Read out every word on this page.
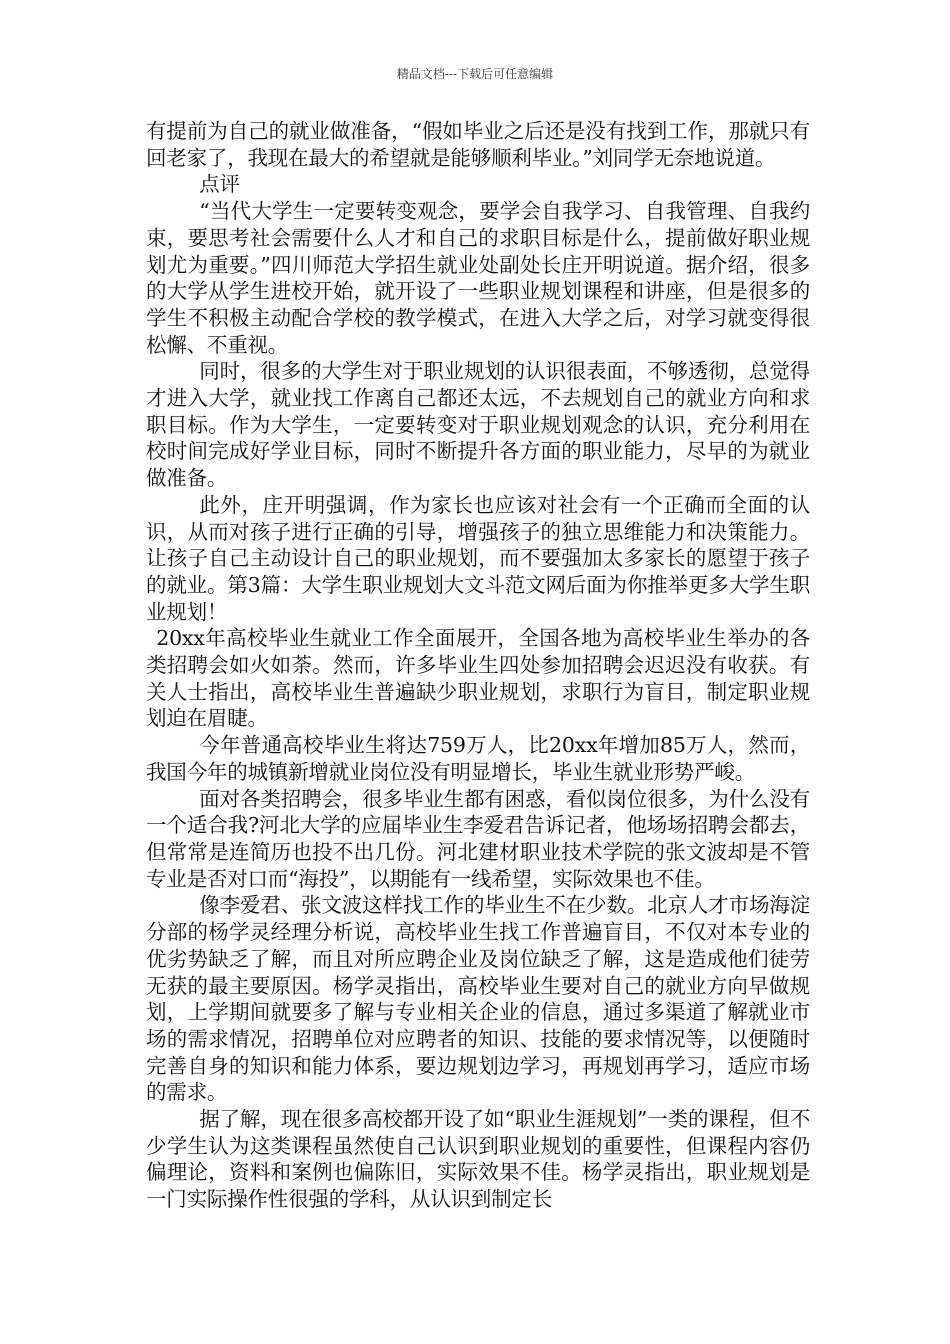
精品文档---下载后可任意编辑

有提前为自己的就业做准备，“假如毕业之后还是没有找到工作，那就只有回老家了，我现在最大的希望就是能够顺利毕业。”刘同学无奈地说道。

点评

“当代大学生一定要转变观念，要学会自我学习、自我管理、自我约束，要思考社会需要什么人才和自己的求职目标是什么，提前做好职业规划尤为重要。”四川师范大学招生就业处副处长庄开明说道。据介绍，很多的大学从学生进校开始，就开设了一些职业规划课程和讲座，但是很多的学生不积极主动配合学校的教学模式，在进入大学之后，对学习就变得很松懈、不重视。

同时，很多的大学生对于职业规划的认识很表面，不够透彻，总觉得才进入大学，就业找工作离自己都还太远，不去规划自己的就业方向和求职目标。作为大学生，一定要转变对于职业规划观念的认识，充分利用在校时间完成好学业目标，同时不断提升各方面的职业能力，尽早的为就业做准备。

此外，庄开明强调，作为家长也应该对社会有一个正确而全面的认识，从而对孩子进行正确的引导，增强孩子的独立思维能力和决策能力。让孩子自己主动设计自己的职业规划，而不要强加太多家长的愿望于孩子的就业。第3篇：大学生职业规划大文斗范文网后面为你推举更多大学生职业规划！

20xx年高校毕业生就业工作全面展开，全国各地为高校毕业生举办的各类招聘会如火如荼。然而，许多毕业生四处参加招聘会迟迟没有收获。有关人士指出，高校毕业生普遍缺少职业规划，求职行为盲目，制定职业规划迫在眉睫。

今年普通高校毕业生将达759万人，比20xx年增加85万人，然而，我国今年的城镇新增就业岗位没有明显增长，毕业生就业形势严峻。

面对各类招聘会，很多毕业生都有困惑，看似岗位很多，为什么没有一个适合我?河北大学的应届毕业生李爱君告诉记者，他场场招聘会都去，但常常是连简历也投不出几份。河北建材职业技术学院的张文波却是不管专业是否对口而“海投”，以期能有一线希望，实际效果也不佳。

像李爱君、张文波这样找工作的毕业生不在少数。北京人才市场海淀分部的杨学灵经理分析说，高校毕业生找工作普遍盲目，不仅对本专业的优劣势缺乏了解，而且对所应聘企业及岗位缺乏了解，这是造成他们徒劳无获的最主要原因。杨学灵指出，高校毕业生要对自己的就业方向早做规划，上学期间就要多了解与专业相关企业的信息，通过多渠道了解就业市场的需求情况，招聘单位对应聘者的知识、技能的要求情况等，以便随时完善自身的知识和能力体系，要边规划边学习，再规划再学习，适应市场的需求。

据了解，现在很多高校都开设了如“职业生涯规划”一类的课程，但不少学生认为这类课程虽然使自己认识到职业规划的重要性，但课程内容仍偏理论，资料和案例也偏陈旧，实际效果不佳。杨学灵指出，职业规划是一门实际操作性很强的学科，从认识到制定长
